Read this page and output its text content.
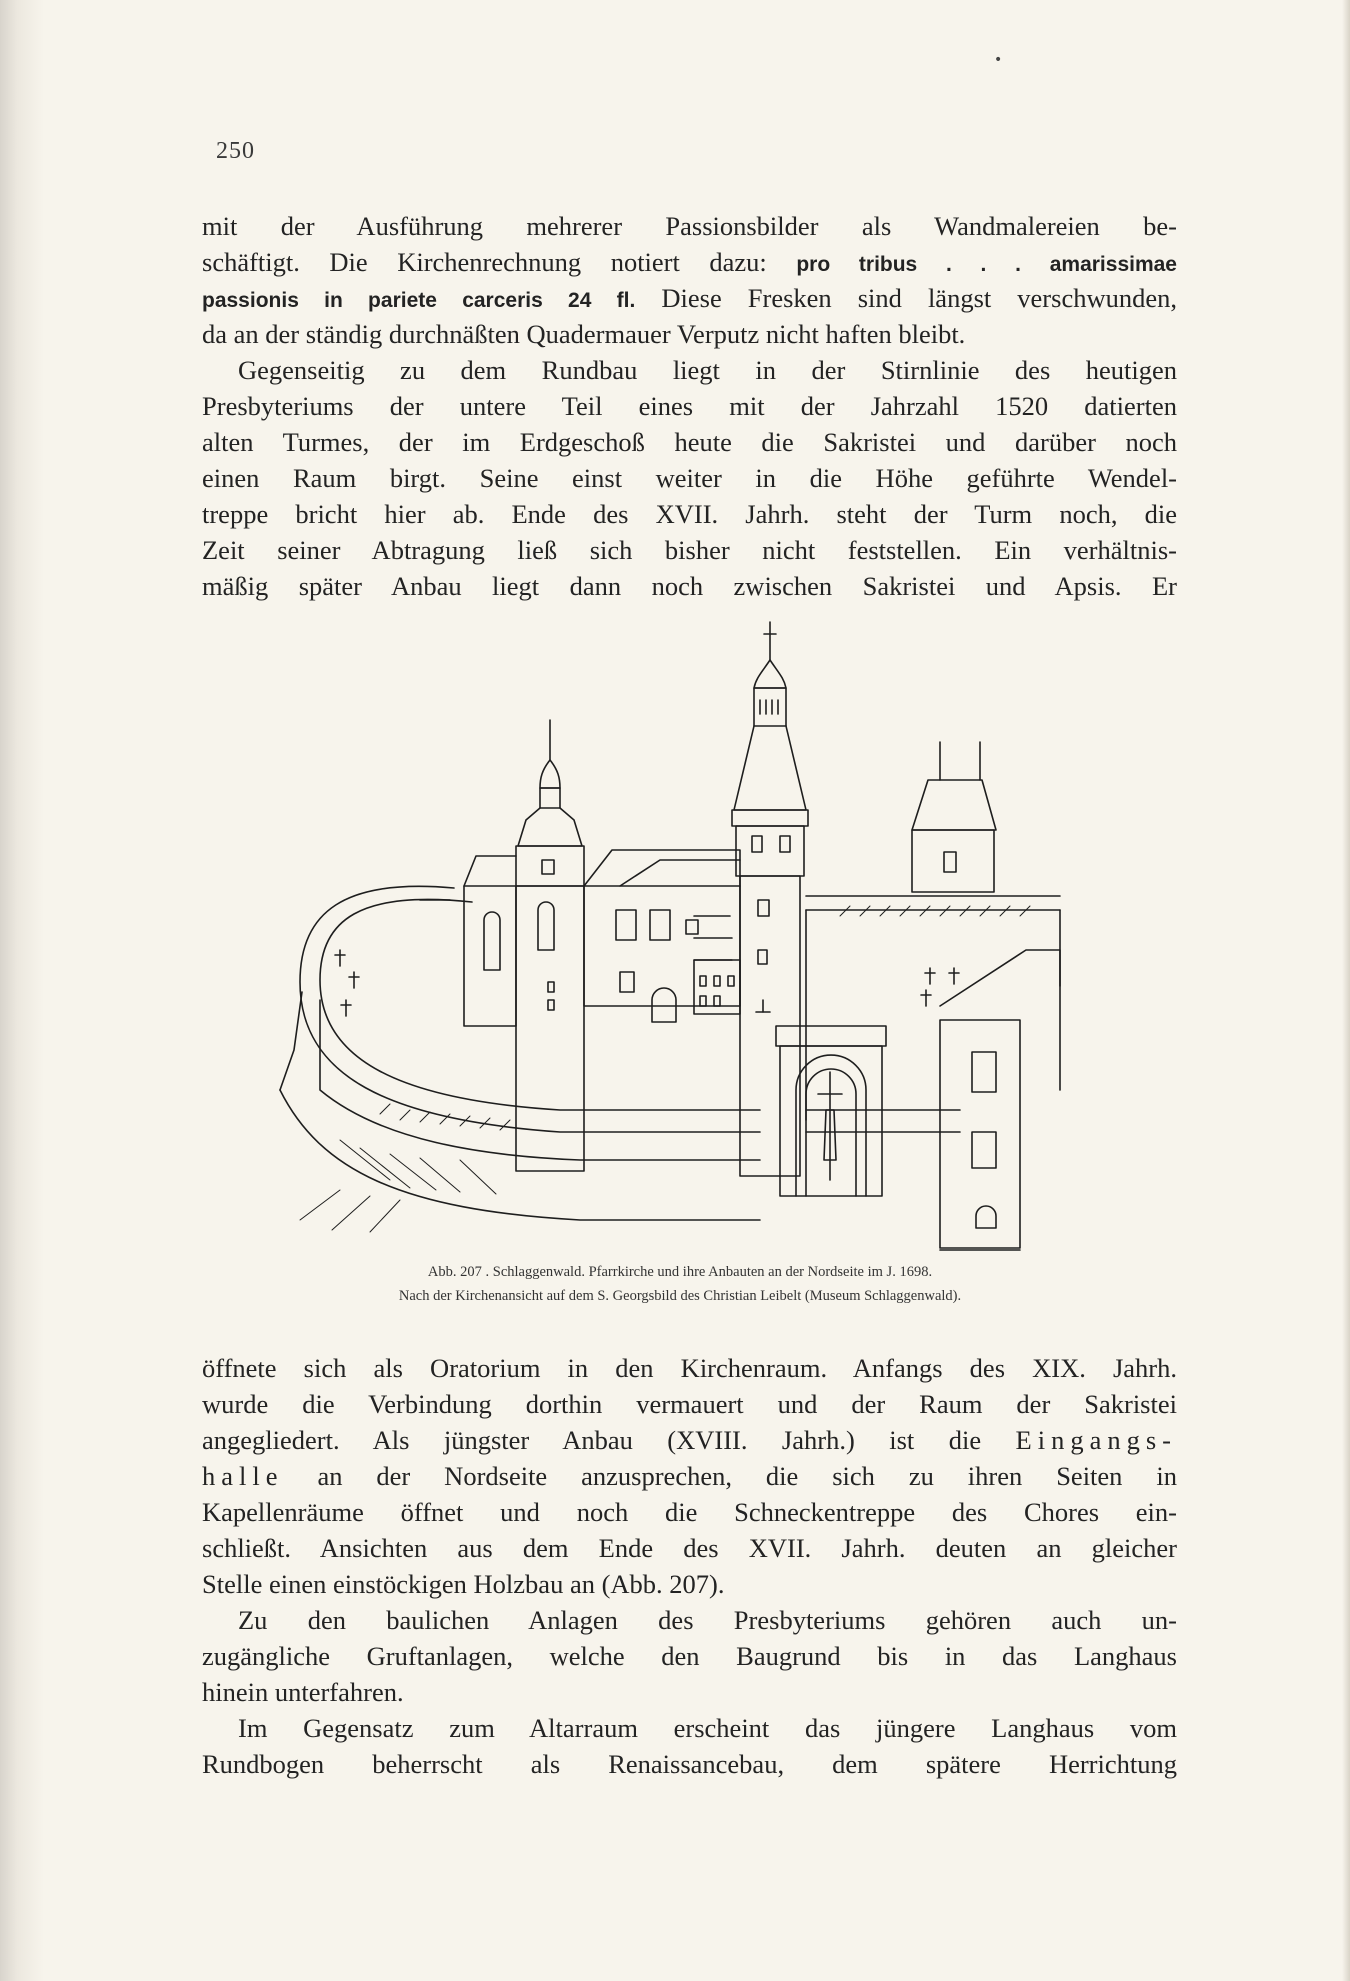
250
mit der Ausführung mehrerer Passionsbilder als Wandmalereien be-
schäftigt. Die Kirchenrechnung notiert dazu: pro tribus . . . amarissimae
passionis in pariete carceris 24 fl. Diese Fresken sind längst verschwunden,
da an der ständig durchnäßten Quadermauer Verputz nicht haften bleibt.
Gegenseitig zu dem Rundbau liegt in der Stirnlinie des heutigen
Presbyteriums der untere Teil eines mit der Jahrzahl 1520 datierten
alten Turmes, der im Erdgeschoß heute die Sakristei und darüber noch
einen Raum birgt. Seine einst weiter in die Höhe geführte Wendel-
treppe bricht hier ab. Ende des XVII. Jahrh. steht der Turm noch, die
Zeit seiner Abtragung ließ sich bisher nicht feststellen. Ein verhältnis-
mäßig später Anbau liegt dann noch zwischen Sakristei und Apsis. Er
Abb. 207 . Schlaggenwald. Pfarrkirche und ihre Anbauten an der Nordseite im J. 1698.
Nach der Kirchenansicht auf dem S. Georgsbild des Christian Leibelt (Museum Schlaggenwald).
öffnete sich als Oratorium in den Kirchenraum. Anfangs des XIX. Jahrh.
wurde die Verbindung dorthin vermauert und der Raum der Sakristei
angegliedert. Als jüngster Anbau (XVIII. Jahrh.) ist die Eingangs-
halle an der Nordseite anzusprechen, die sich zu ihren Seiten in
Kapellenräume öffnet und noch die Schneckentreppe des Chores ein-
schließt. Ansichten aus dem Ende des XVII. Jahrh. deuten an gleicher
Stelle einen einstöckigen Holzbau an (Abb. 207).
Zu den baulichen Anlagen des Presbyteriums gehören auch un-
zugängliche Gruftanlagen, welche den Baugrund bis in das Langhaus
hinein unterfahren.
Im Gegensatz zum Altarraum erscheint das jüngere Langhaus vom
Rundbogen beherrscht als Renaissancebau, dem spätere Herrichtung
•
